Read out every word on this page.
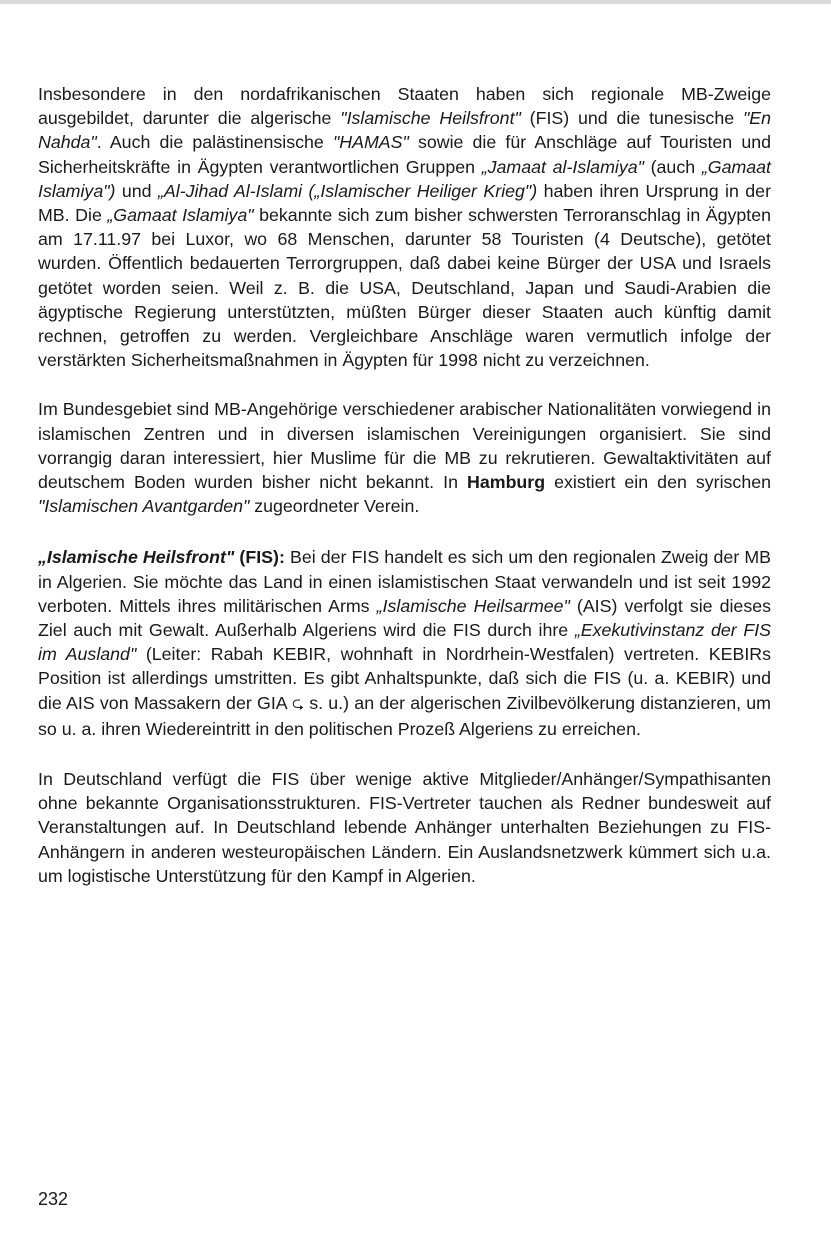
Insbesondere in den nordafrikanischen Staaten haben sich regionale MB-Zweige ausgebildet, darunter die algerische "Islamische Heilsfront" (FIS) und die tunesische "En Nahda". Auch die palästinensische "HAMAS" sowie die für Anschläge auf Touristen und Sicherheitskräfte in Ägypten verantwortlichen Gruppen „Jamaat al-Islamiya" (auch „Gamaat Islamiya") und „Al-Jihad Al-Islami („Islamischer Heiliger Krieg") haben ihren Ursprung in der MB. Die „Gamaat Islamiya" bekannte sich zum bisher schwersten Terroranschlag in Ägypten am 17.11.97 bei Luxor, wo 68 Menschen, darunter 58 Touristen (4 Deutsche), getötet wurden. Öffentlich bedauerten Terrorgruppen, daß dabei keine Bürger der USA und Israels getötet worden seien. Weil z. B. die USA, Deutschland, Japan und Saudi-Arabien die ägyptische Regierung unterstützten, müßten Bürger dieser Staaten auch künftig damit rechnen, getroffen zu werden. Vergleichbare Anschläge waren vermutlich infolge der verstärkten Sicherheitsmaßnahmen in Ägypten für 1998 nicht zu verzeichnen.

Im Bundesgebiet sind MB-Angehörige verschiedener arabischer Nationalitäten vorwiegend in islamischen Zentren und in diversen islamischen Vereinigungen organisiert. Sie sind vorrangig daran interessiert, hier Muslime für die MB zu rekrutieren. Gewaltaktivitäten auf deutschem Boden wurden bisher nicht bekannt. In Hamburg existiert ein den syrischen "Islamischen Avantgarden" zugeordneter Verein.

„Islamische Heilsfront" (FIS): Bei der FIS handelt es sich um den regionalen Zweig der MB in Algerien. Sie möchte das Land in einen islamistischen Staat verwandeln und ist seit 1992 verboten. Mittels ihres militärischen Arms „Islamische Heilsarmee" (AIS) verfolgt sie dieses Ziel auch mit Gewalt. Außerhalb Algeriens wird die FIS durch ihre „Exekutivinstanz der FIS im Ausland" (Leiter: Rabah KEBIR, wohnhaft in Nordrhein-Westfalen) vertreten. KEBIRs Position ist allerdings umstritten. Es gibt Anhaltspunkte, daß sich die FIS (u. a. KEBIR) und die AIS von Massakern der GIA ⮎ s. u.) an der algerischen Zivilbevölkerung distanzieren, um so u. a. ihren Wiedereintritt in den politischen Prozeß Algeriens zu erreichen.

In Deutschland verfügt die FIS über wenige aktive Mitglieder/Anhänger/Sympathisanten ohne bekannte Organisationsstrukturen. FIS-Vertreter tauchen als Redner bundesweit auf Veranstaltungen auf. In Deutschland lebende Anhänger unterhalten Beziehungen zu FIS-Anhängern in anderen westeuropäischen Ländern. Ein Auslandsnetzwerk kümmert sich u.a. um logistische Unterstützung für den Kampf in Algerien.

232
